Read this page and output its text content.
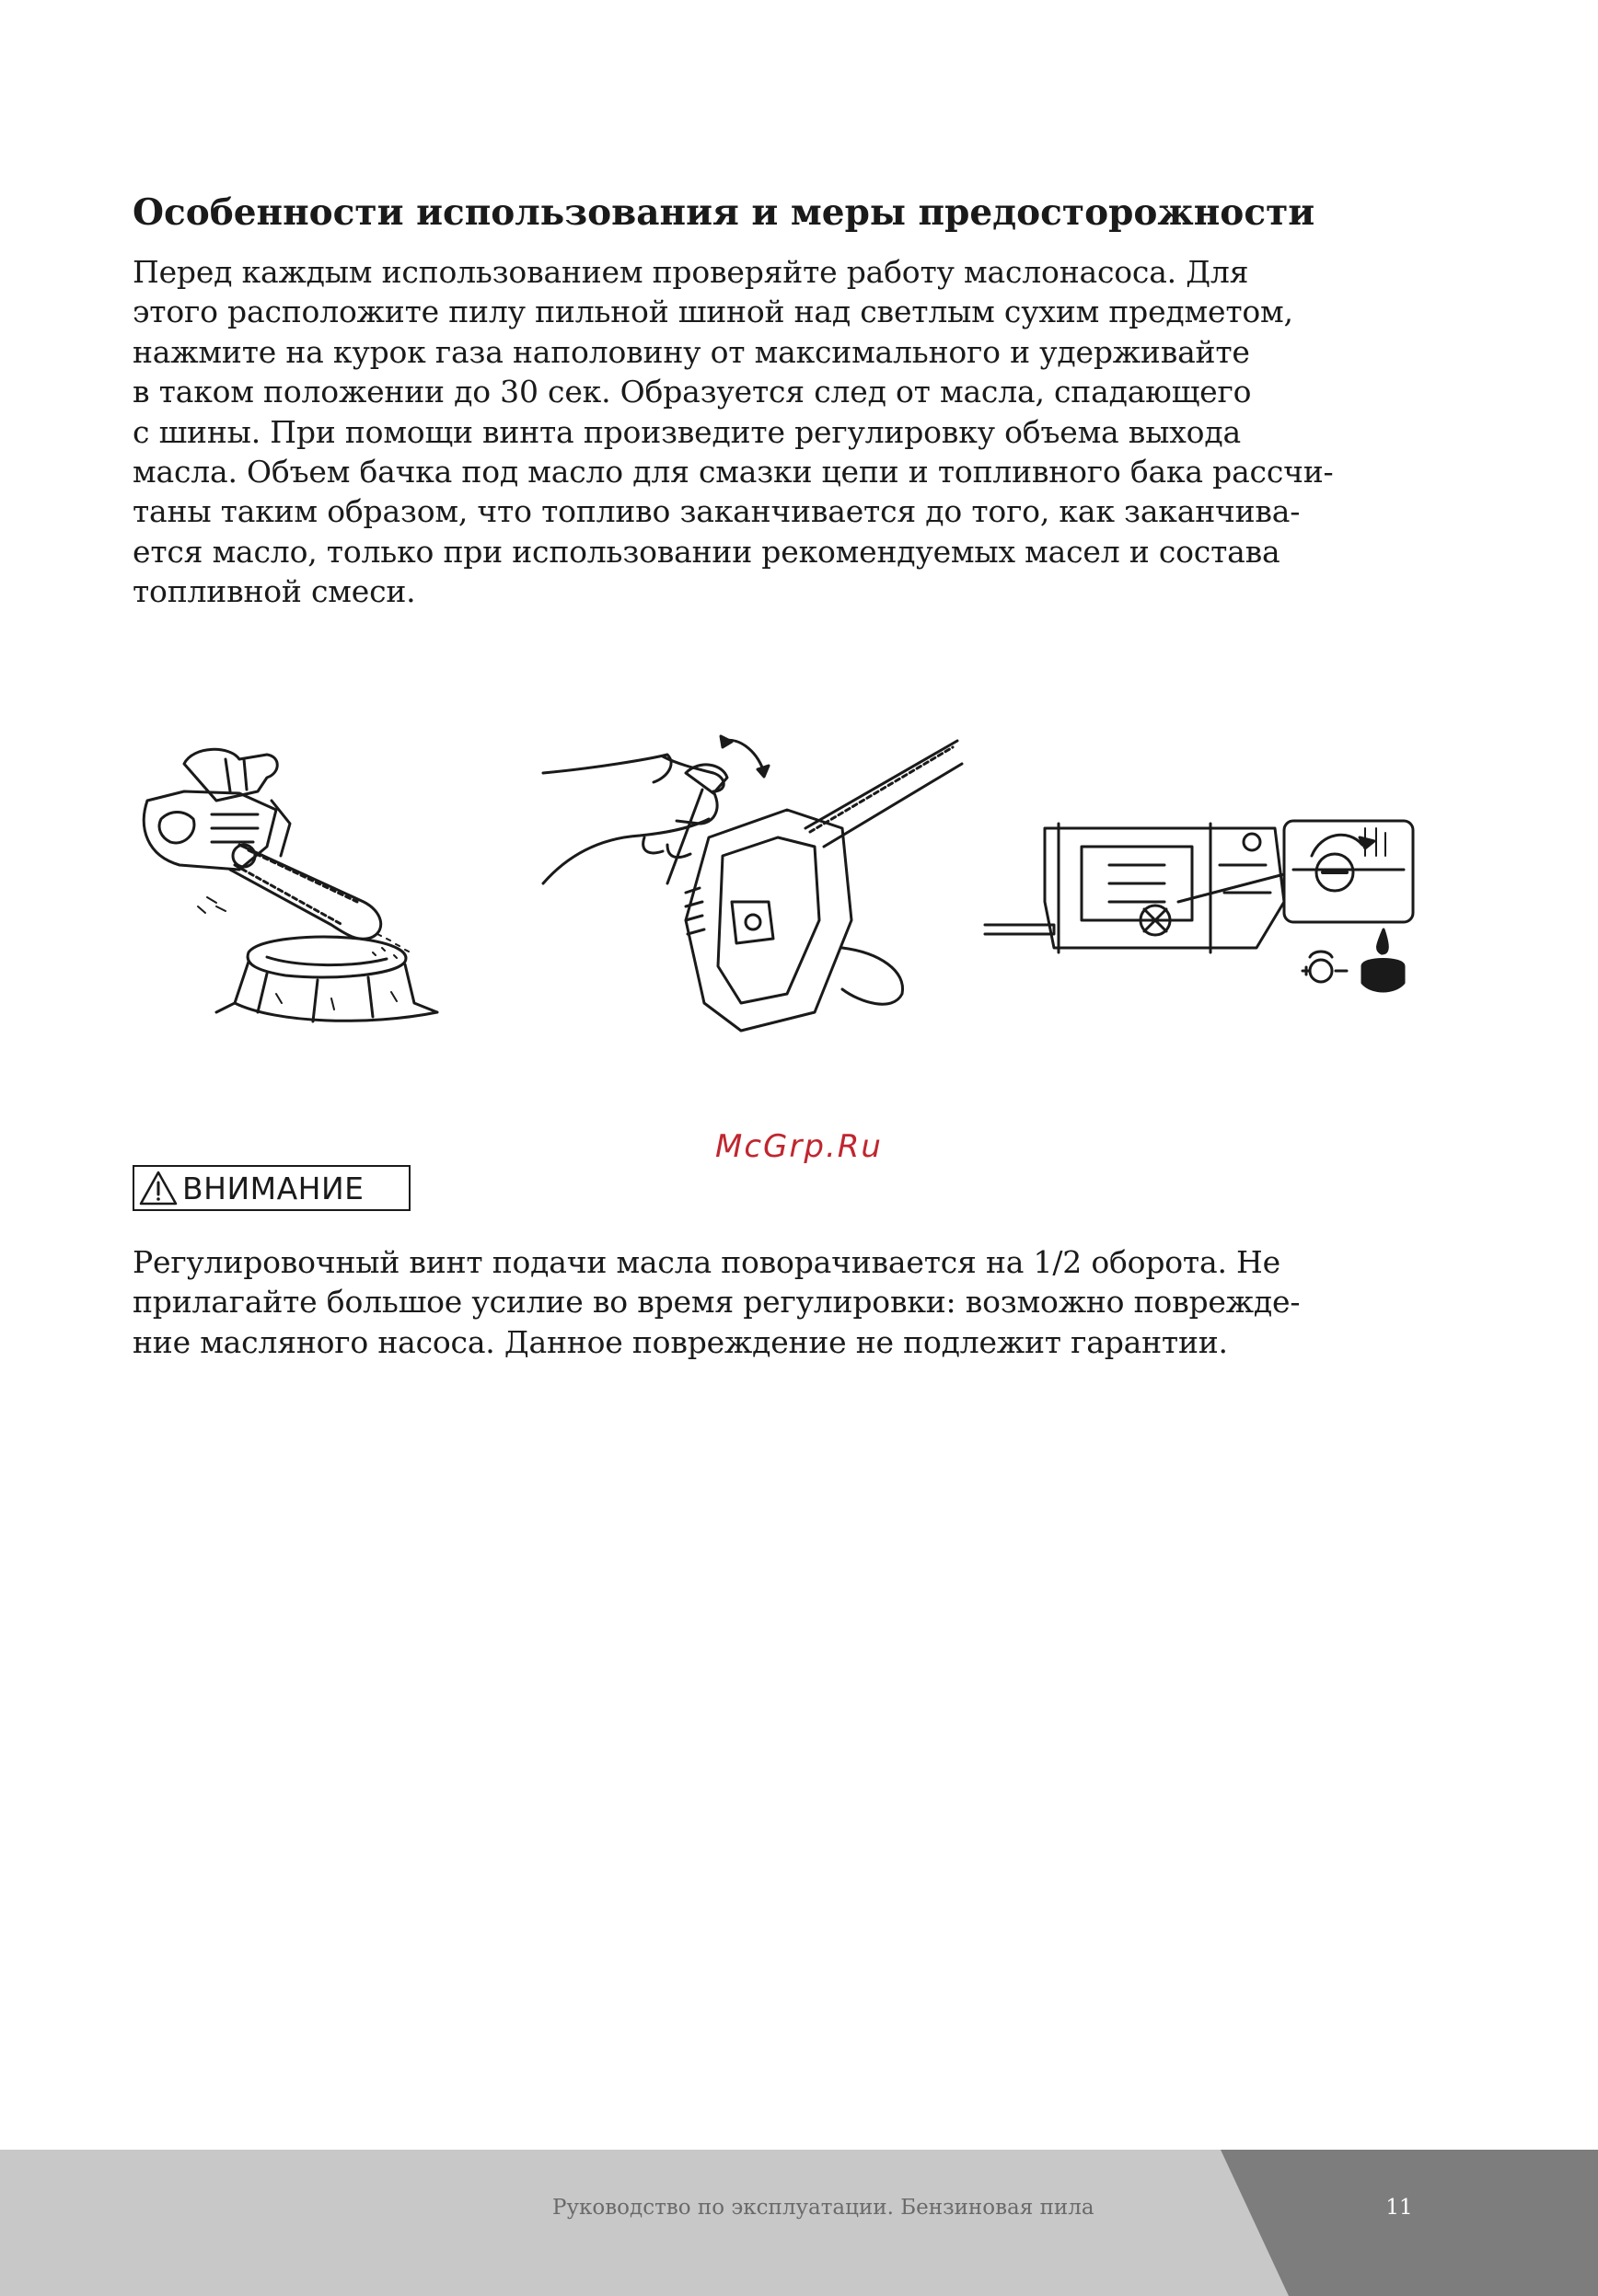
Особенности использования и меры предосторожности
Перед каждым использованием проверяйте работу маслонасоса. Для
этого расположите пилу пильной шиной над светлым сухим предметом,
нажмите на курок газа наполовину от максимального и удерживайте
в таком положении до 30 сек. Образуется след от масла, спадающего
с шины. При помощи винта произведите регулировку объема выхода
масла. Объем бачка под масло для смазки цепи и топливного бака рассчи-
таны таким образом, что топливо заканчивается до того, как заканчива-
ется масло, только при использовании рекомендуемых масел и состава
топливной смеси.
McGrp.Ru
ВНИМАНИЕ
Регулировочный винт подачи масла поворачивается на 1/2 оборота. Не
прилагайте большое усилие во время регулировки: возможно поврежде-
ние масляного насоса. Данное повреждение не подлежит гарантии.
Руководство по эксплуатации. Бензиновая пила	11
